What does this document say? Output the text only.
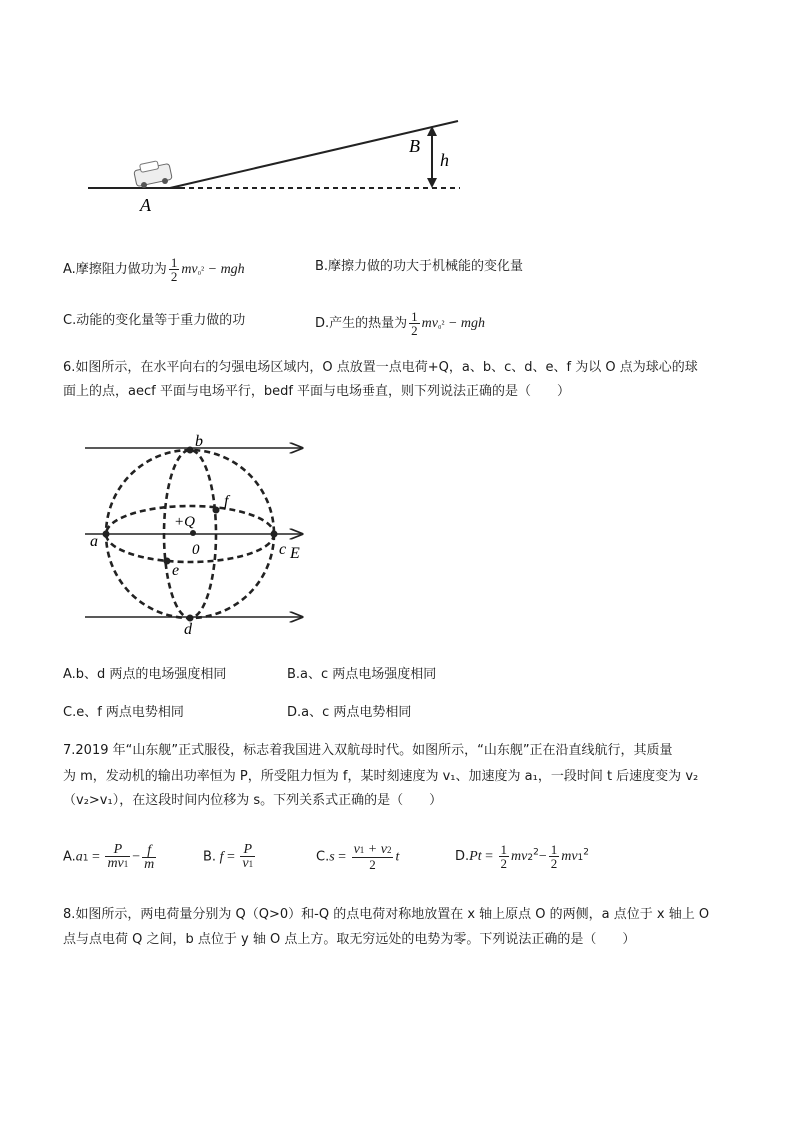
A
B
h
A.摩擦阻力做功为 $\frac{1}{2} mv_0^2$ − mgh	B.摩擦力做的功大于机械能的变化量
C.动能的变化量等于重力做的功	D.产生的热量为 $\frac{1}{2} mv_0^2$ − mgh
6.如图所示，在水平向右的匀强电场区域内，O 点放置一点电荷+Q，a、b、c、d、e、f 为以 O 点为球心的球
面上的点，aecf 平面与电场平行，bedf 平面与电场垂直，则下列说法正确的是（　　）
a
b
c
d
e
f
+Q
0	E
A.b、d 两点的电场强度相同	B.a、c 两点电场强度相同
C.e、f 两点电势相同	D.a、c 两点电势相同
7.2019 年“山东舰”正式服役，标志着我国进入双航母时代。如图所示，“山东舰”正在沿直线航行，其质量
为 m，发动机的输出功率恒为 P，所受阻力恒为 f，某时刻速度为 v₁、加速度为 a₁，一段时间 t 后速度变为 v₂
（v₂>v₁），在这段时间内位移为 s。下列关系式正确的是（　　）
$A.a1 = \frac{P}{mv1} - \frac{f}{m}$	B. $f = \frac{P}{v1}$	$C.s = \frac{v1 + v2}{2}$ t	$D.Pt = \frac{1}{2} mv2^2- \frac{1}{2} mv1^2$
8.如图所示，两电荷量分别为 Q（Q>0）和-Q 的点电荷对称地放置在 x 轴上原点 O 的两侧，a 点位于 x 轴上 O
点与点电荷 Q 之间，b 点位于 y 轴 O 点上方。取无穷远处的电势为零。下列说法正确的是（　　）
